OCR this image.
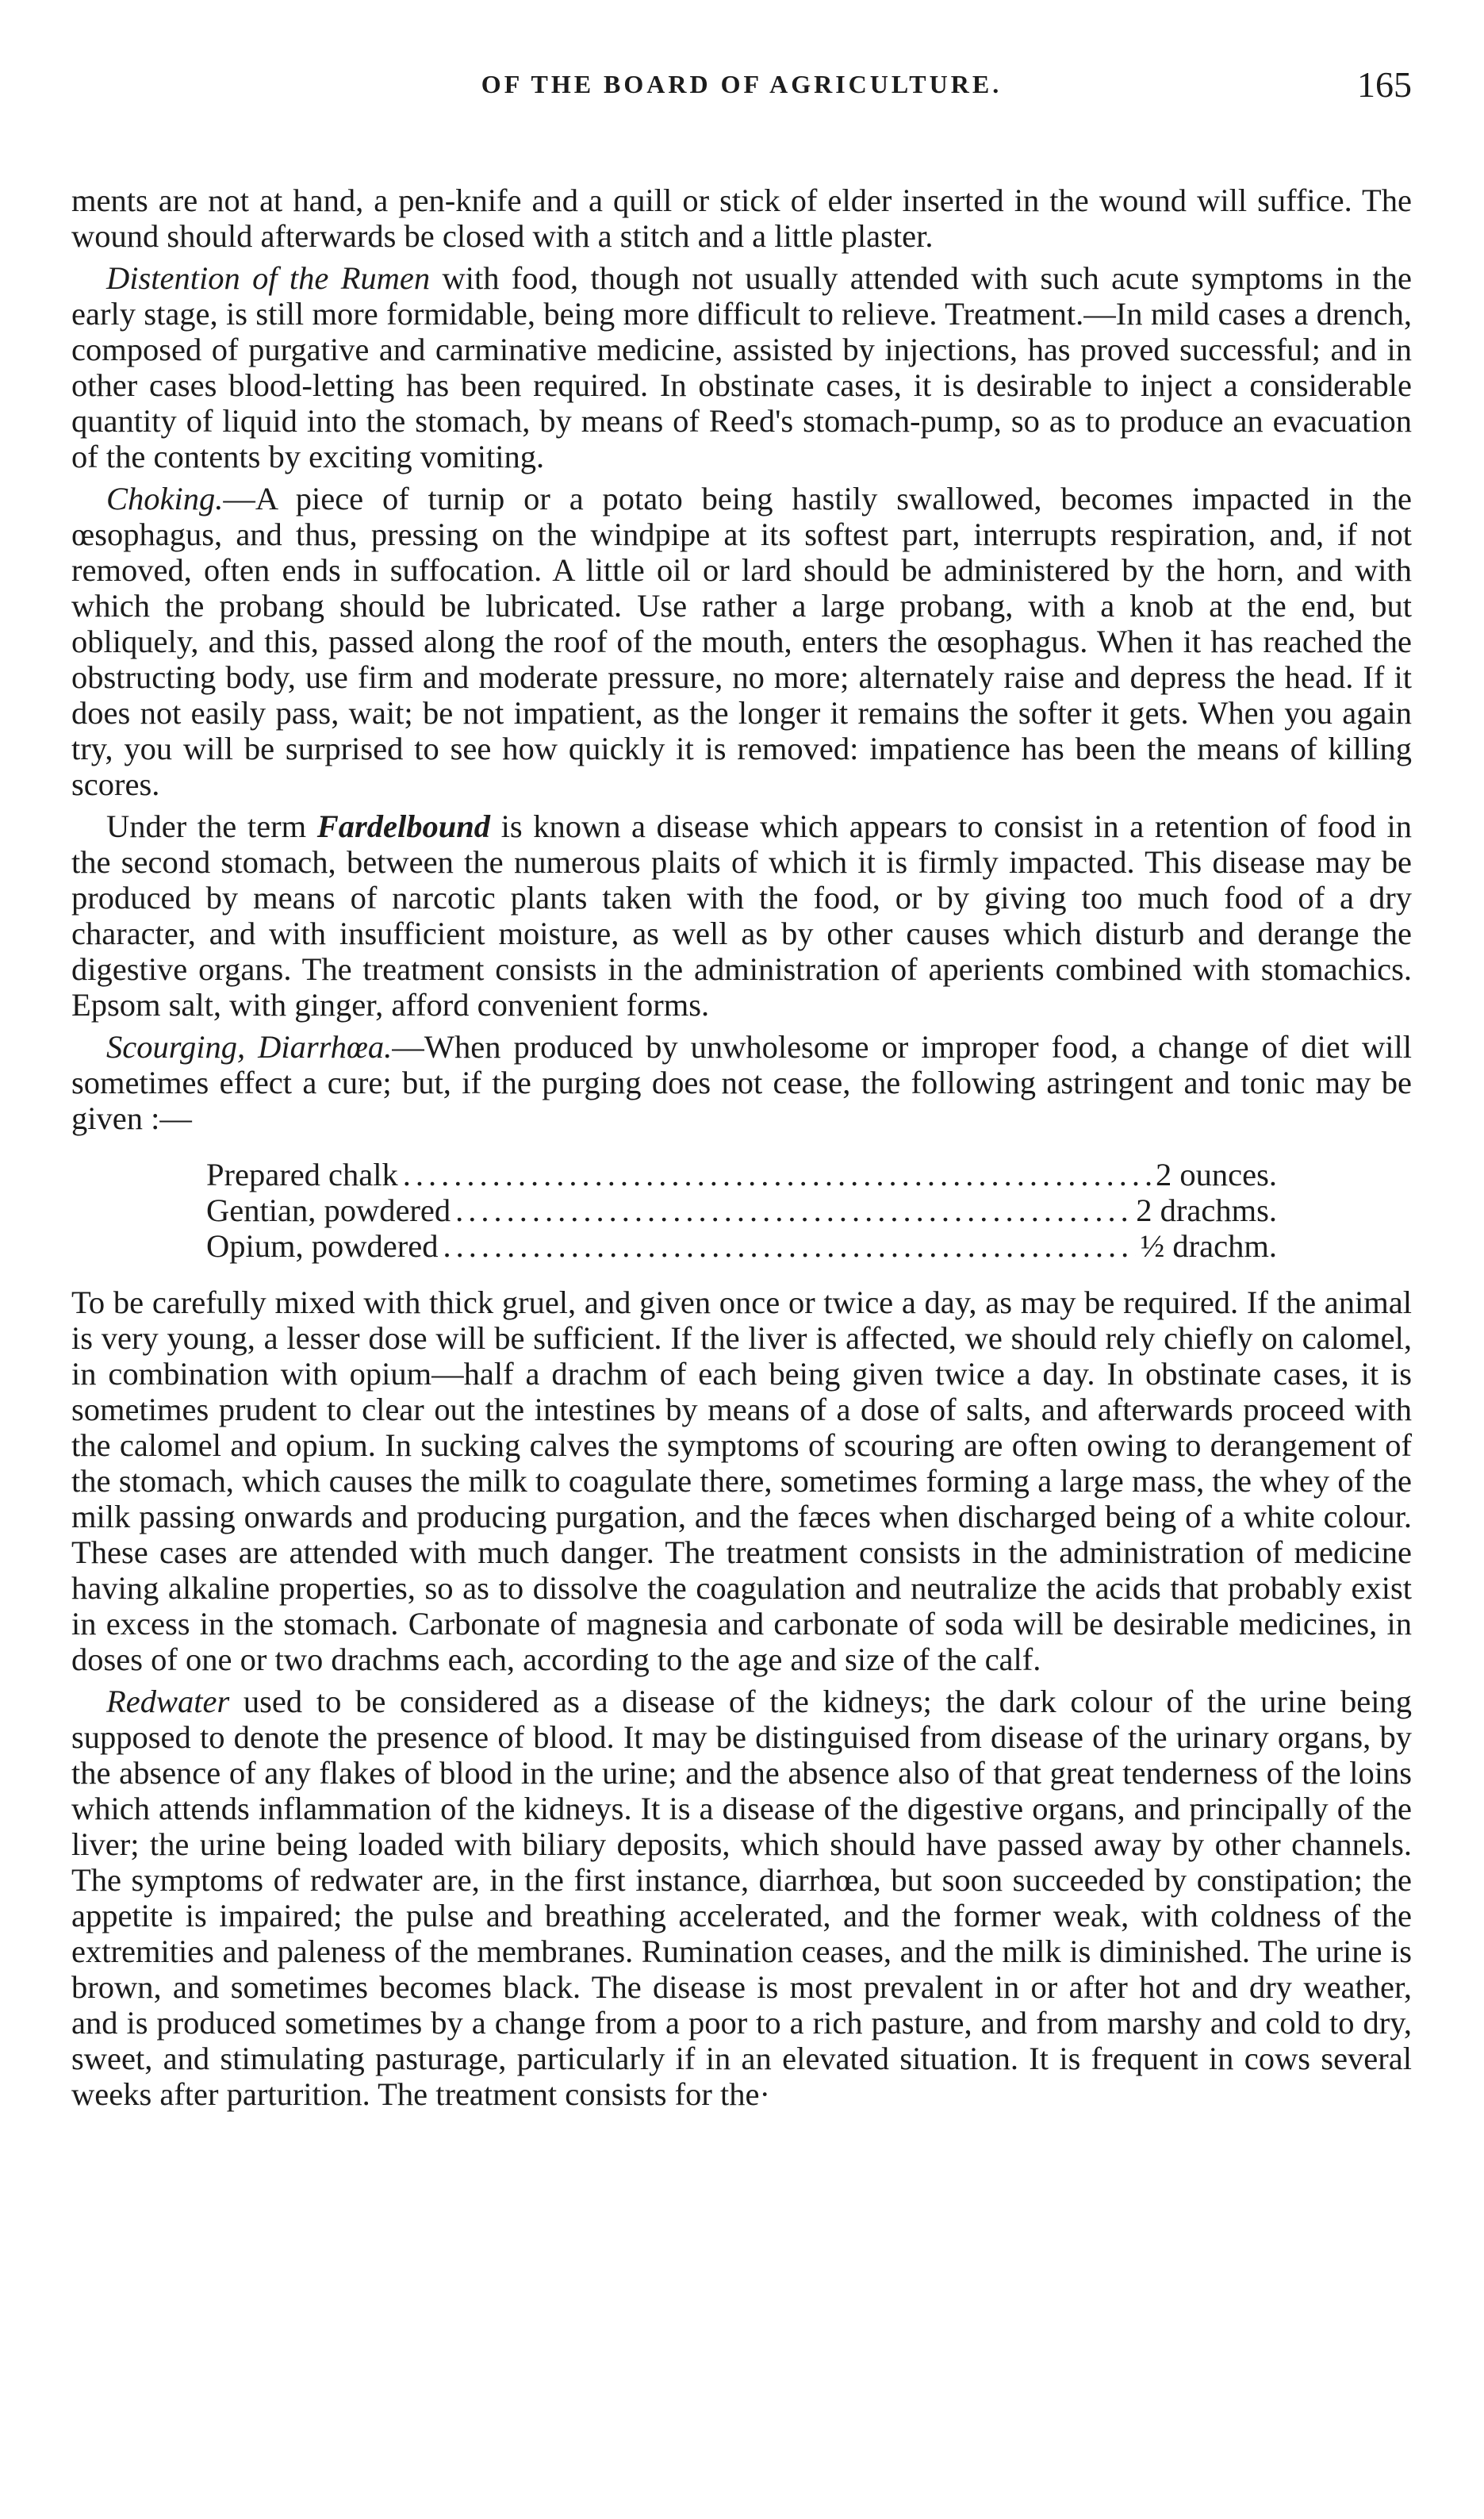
OF THE BOARD OF AGRICULTURE.	165

ments are not at hand, a pen-knife and a quill or stick of elder inserted in the wound will suffice. The wound should afterwards be closed with a stitch and a little plaster.

Distention of the Rumen with food, though not usually attended with such acute symptoms in the early stage, is still more formidable, being more difficult to relieve. Treatment.—In mild cases a drench, composed of purgative and carminative medicine, assisted by injections, has proved successful; and in other cases blood-letting has been required. In obstinate cases, it is desirable to inject a considerable quantity of liquid into the stomach, by means of Reed's stomach-pump, so as to produce an evacuation of the contents by exciting vomiting.

Choking.—A piece of turnip or a potato being hastily swallowed, becomes impacted in the œsophagus, and thus, pressing on the windpipe at its softest part, interrupts respiration, and, if not removed, often ends in suffocation. A little oil or lard should be administered by the horn, and with which the probang should be lubricated. Use rather a large probang, with a knob at the end, but obliquely, and this, passed along the roof of the mouth, enters the œsophagus. When it has reached the obstructing body, use firm and moderate pressure, no more; alternately raise and depress the head. If it does not easily pass, wait; be not impatient, as the longer it remains the softer it gets. When you again try, you will be surprised to see how quickly it is removed: impatience has been the means of killing scores.

Under the term Fardelbound is known a disease which appears to consist in a retention of food in the second stomach, between the numerous plaits of which it is firmly impacted. This disease may be produced by means of narcotic plants taken with the food, or by giving too much food of a dry character, and with insufficient moisture, as well as by other causes which disturb and derange the digestive organs. The treatment consists in the administration of aperients combined with stomachics. Epsom salt, with ginger, afford convenient forms.

Scourging, Diarrhœa.—When produced by unwholesome or improper food, a change of diet will sometimes effect a cure; but, if the purging does not cease, the following astringent and tonic may be given :—

Prepared chalk .....	2 ounces.
Gentian, powdered .....	2 drachms.
Opium, powdered .....	½ drachm.

To be carefully mixed with thick gruel, and given once or twice a day, as may be required. If the animal is very young, a lesser dose will be sufficient. If the liver is affected, we should rely chiefly on calomel, in combination with opium—half a drachm of each being given twice a day. In obstinate cases, it is sometimes prudent to clear out the intestines by means of a dose of salts, and afterwards proceed with the calomel and opium. In sucking calves the symptoms of scouring are often owing to derangement of the stomach, which causes the milk to coagulate there, sometimes forming a large mass, the whey of the milk passing onwards and producing purgation, and the fæces when discharged being of a white colour. These cases are attended with much danger. The treatment consists in the administration of medicine having alkaline properties, so as to dissolve the coagulation and neutralize the acids that probably exist in excess in the stomach. Carbonate of magnesia and carbonate of soda will be desirable medicines, in doses of one or two drachms each, according to the age and size of the calf.

Redwater used to be considered as a disease of the kidneys; the dark colour of the urine being supposed to denote the presence of blood. It may be distinguised from disease of the urinary organs, by the absence of any flakes of blood in the urine; and the absence also of that great tenderness of the loins which attends inflammation of the kidneys. It is a disease of the digestive organs, and principally of the liver; the urine being loaded with biliary deposits, which should have passed away by other channels. The symptoms of redwater are, in the first instance, diarrhœa, but soon succeeded by constipation; the appetite is impaired; the pulse and breathing accelerated, and the former weak, with coldness of the extremities and paleness of the membranes. Rumination ceases, and the milk is diminished. The urine is brown, and sometimes becomes black. The disease is most prevalent in or after hot and dry weather, and is produced sometimes by a change from a poor to a rich pasture, and from marshy and cold to dry, sweet, and stimulating pasturage, particularly if in an elevated situation. It is frequent in cows several weeks after parturition. The treatment consists for the·
